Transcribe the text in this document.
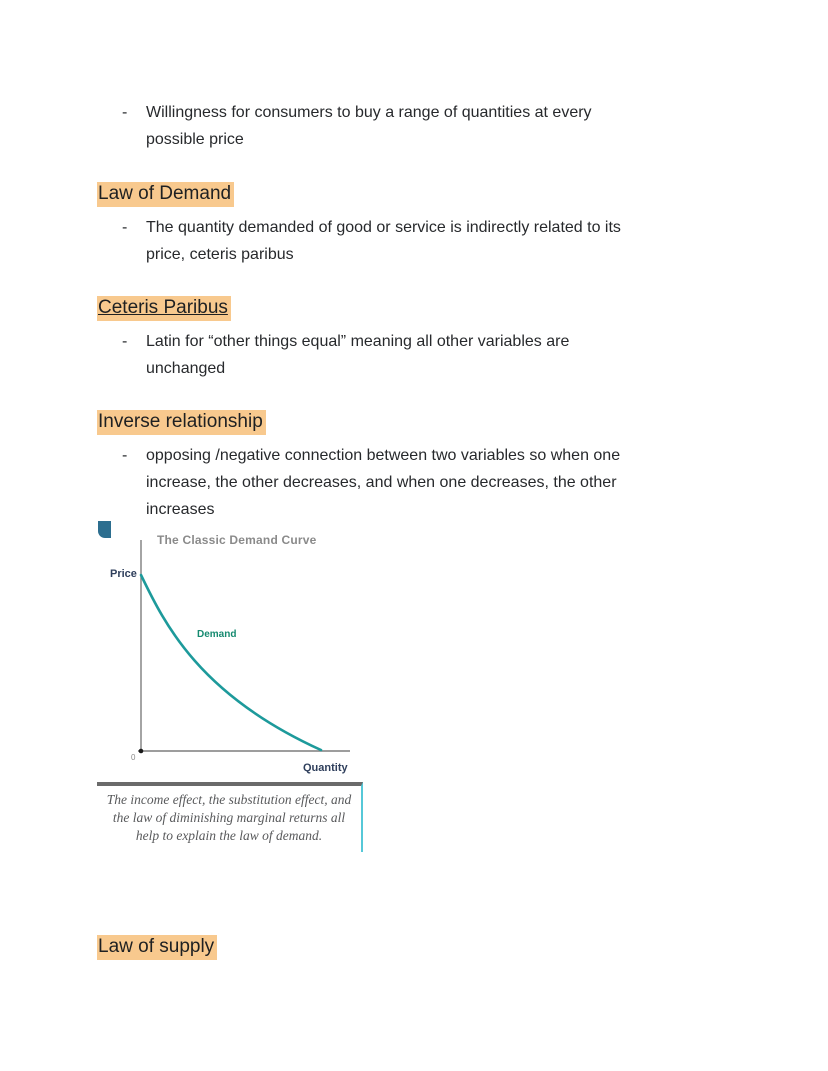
-	Willingness for consumers to buy a range of quantities at every
possible price
Law of Demand
-	The quantity demanded of good or service is indirectly related to its
price, ceteris paribus
Ceteris Paribus
-	Latin for “other things equal” meaning all other variables are
unchanged
Inverse relationship
-	opposing /negative connection between two variables so when one
increase, the other decreases, and when one decreases, the other
increases
The Classic Demand Curve
Price
Quantity
0
Demand
The income effect, the substitution effect, and
the law of diminishing marginal returns all
help to explain the law of demand.
Law of supply
